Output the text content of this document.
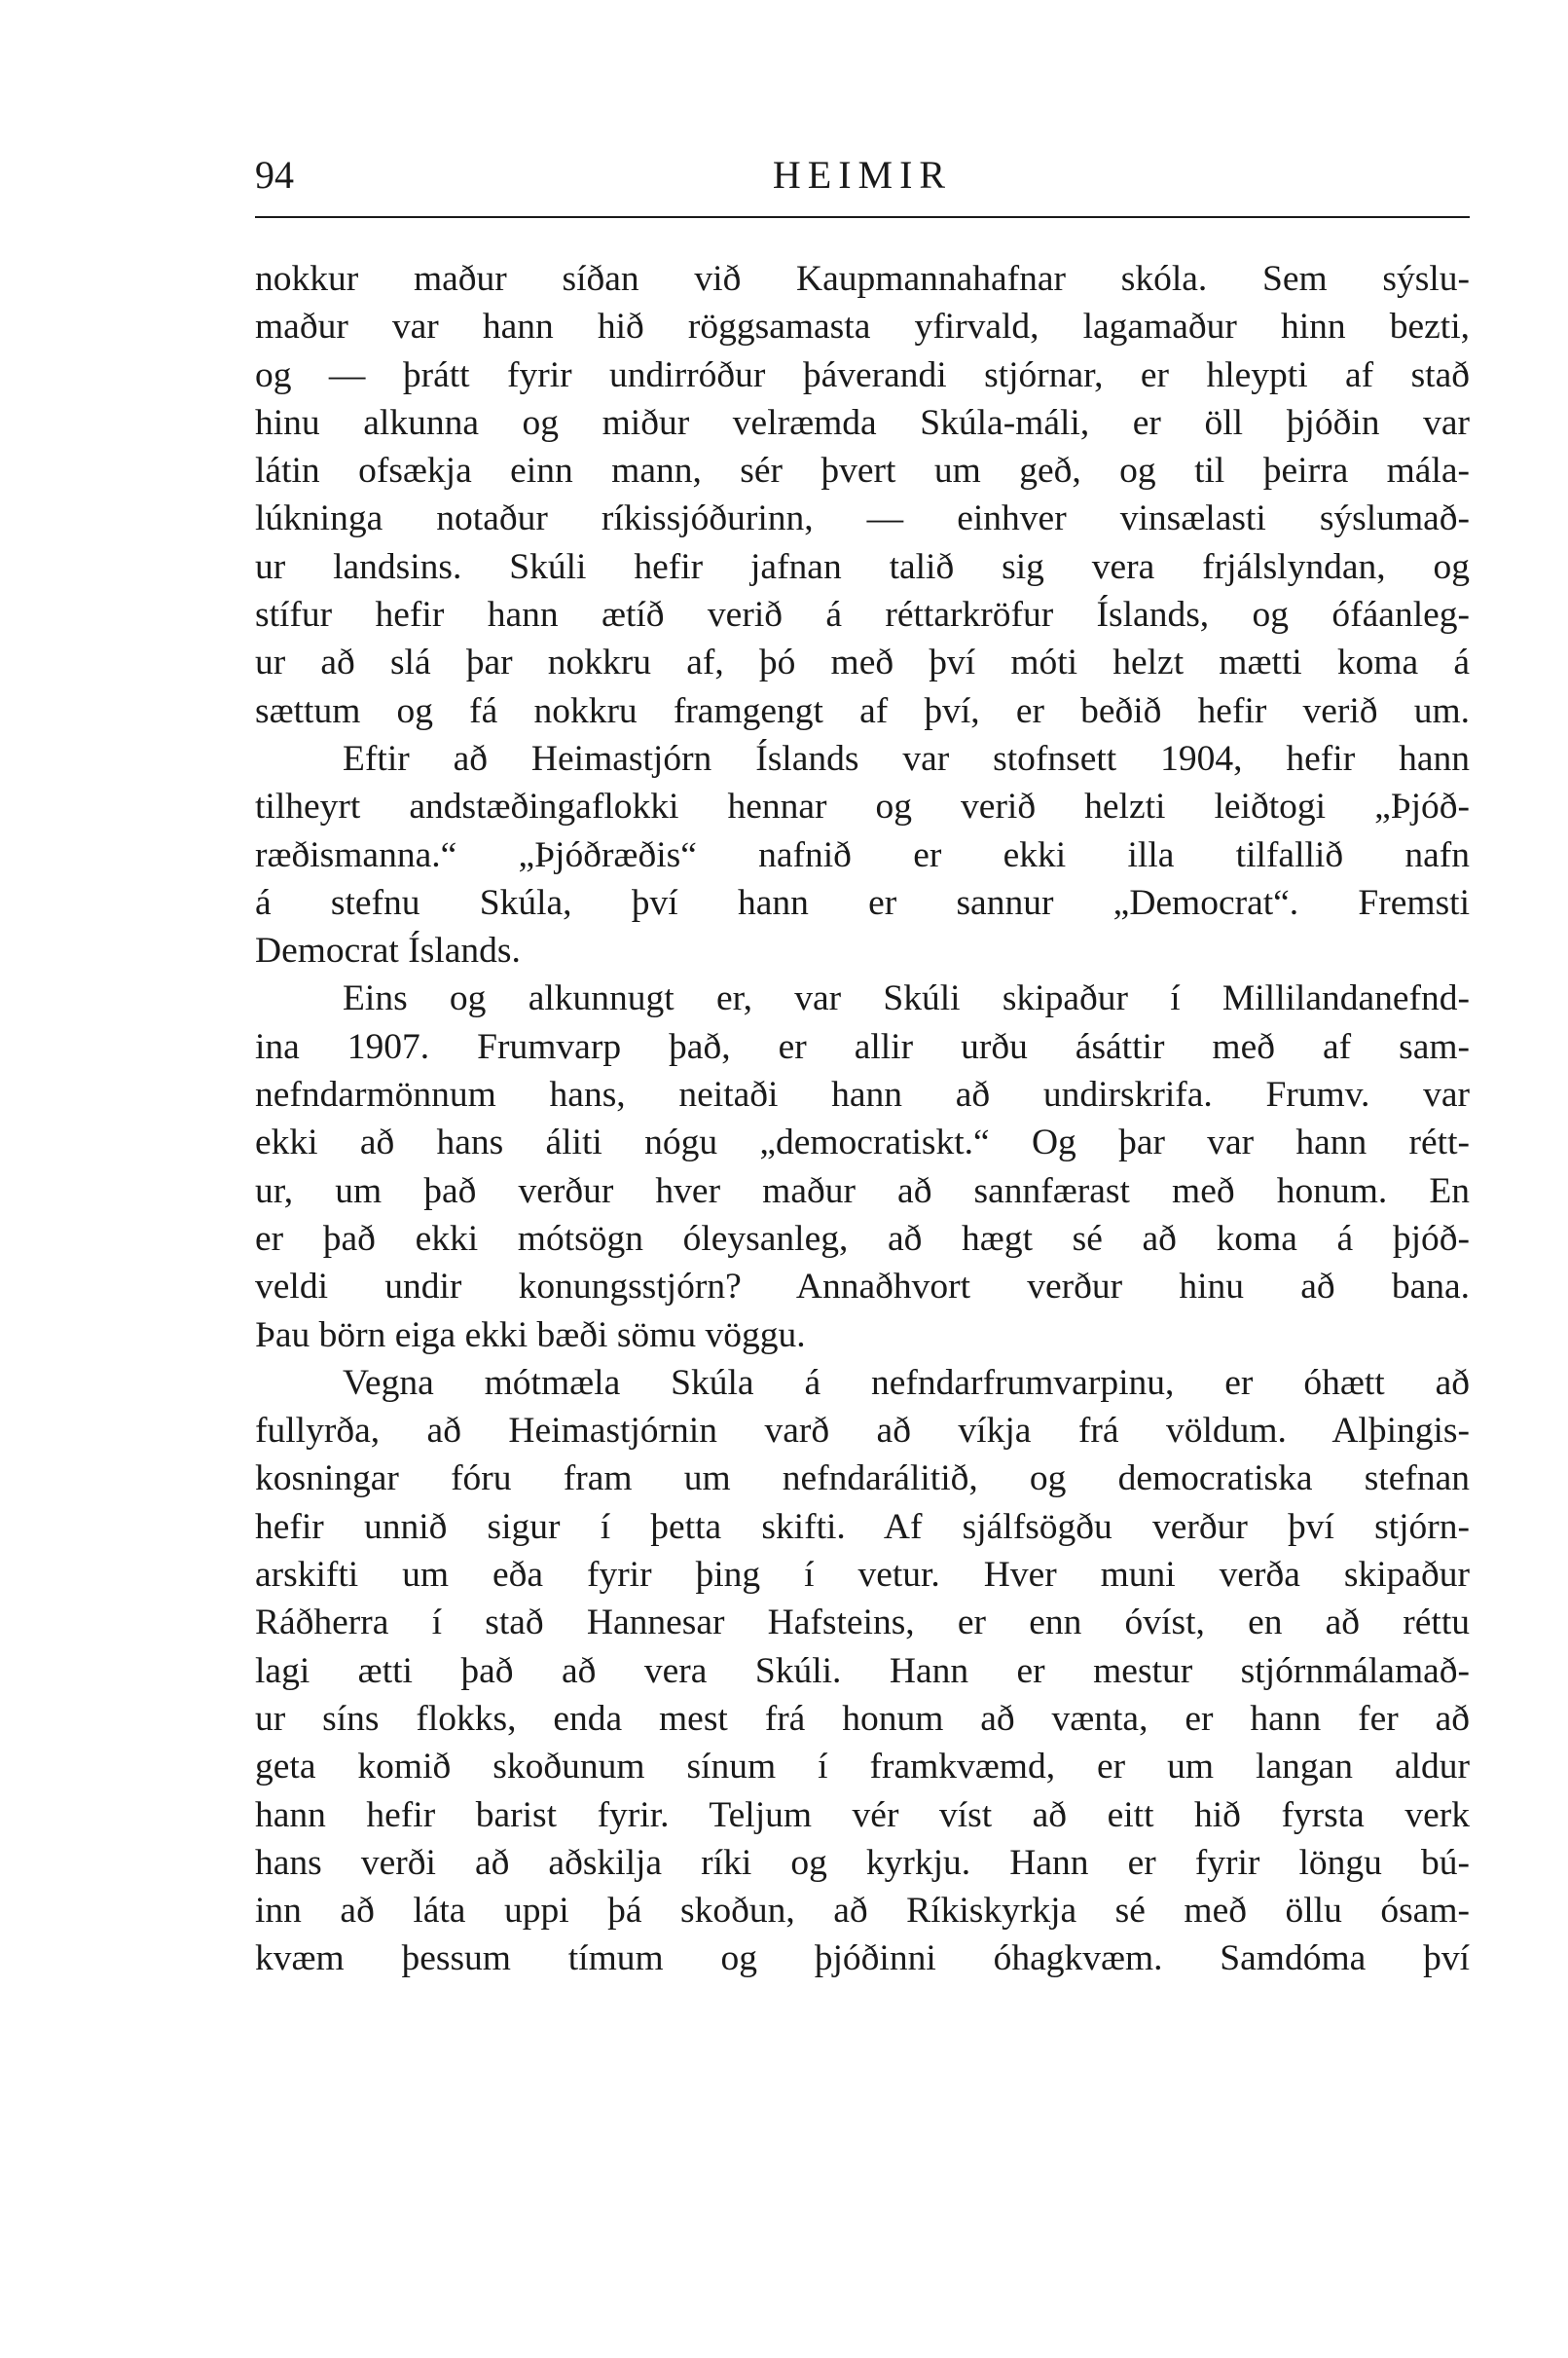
94	HEIMIR
nokkur maður síðan við Kaupmannahafnar skóla. Sem sýslu-
maður var hann hið röggsamasta yfirvald, lagamaður hinn bezti,
og — þrátt fyrir undirróður þáverandi stjórnar, er hleypti af stað
hinu alkunna og miður velræmda Skúla-máli, er öll þjóðin var
látin ofsækja einn mann, sér þvert um geð, og til þeirra mála-
lúkninga notaður ríkissjóðurinn, — einhver vinsælasti sýslumað-
ur landsins. Skúli hefir jafnan talið sig vera frjálslyndan, og
stífur hefir hann ætíð verið á réttarkröfur Íslands, og ófáanleg-
ur að slá þar nokkru af, þó með því móti helzt mætti koma á
sættum og fá nokkru framgengt af því, er beðið hefir verið um.
Eftir að Heimastjórn Íslands var stofnsett 1904, hefir hann
tilheyrt andstæðingaflokki hennar og verið helzti leiðtogi „Þjóð-
ræðismanna.“ „Þjóðræðis“ nafnið er ekki illa tilfallið nafn
á stefnu Skúla, því hann er sannur „Democrat“. Fremsti
Democrat Íslands.
Eins og alkunnugt er, var Skúli skipaður í Millilandanefnd-
ina 1907. Frumvarp það, er allir urðu ásáttir með af sam-
nefndarmönnum hans, neitaði hann að undirskrifa. Frumv. var
ekki að hans áliti nógu „democratiskt.“ Og þar var hann rétt-
ur, um það verður hver maður að sannfærast með honum. En
er það ekki mótsögn óleysanleg, að hægt sé að koma á þjóð-
veldi undir konungsstjórn? Annaðhvort verður hinu að bana.
Þau börn eiga ekki bæði sömu vöggu.
Vegna mótmæla Skúla á nefndarfrumvarpinu, er óhætt að
fullyrða, að Heimastjórnin varð að víkja frá völdum. Alþingis-
kosningar fóru fram um nefndarálitið, og democratiska stefnan
hefir unnið sigur í þetta skifti. Af sjálfsögðu verður því stjórn-
arskifti um eða fyrir þing í vetur. Hver muni verða skipaður
Ráðherra í stað Hannesar Hafsteins, er enn óvíst, en að réttu
lagi ætti það að vera Skúli. Hann er mestur stjórnmálamað-
ur síns flokks, enda mest frá honum að vænta, er hann fer að
geta komið skoðunum sínum í framkvæmd, er um langan aldur
hann hefir barist fyrir. Teljum vér víst að eitt hið fyrsta verk
hans verði að aðskilja ríki og kyrkju. Hann er fyrir löngu bú-
inn að láta uppi þá skoðun, að Ríkiskyrkja sé með öllu ósam-
kvæm þessum tímum og þjóðinni óhagkvæm. Samdóma því
